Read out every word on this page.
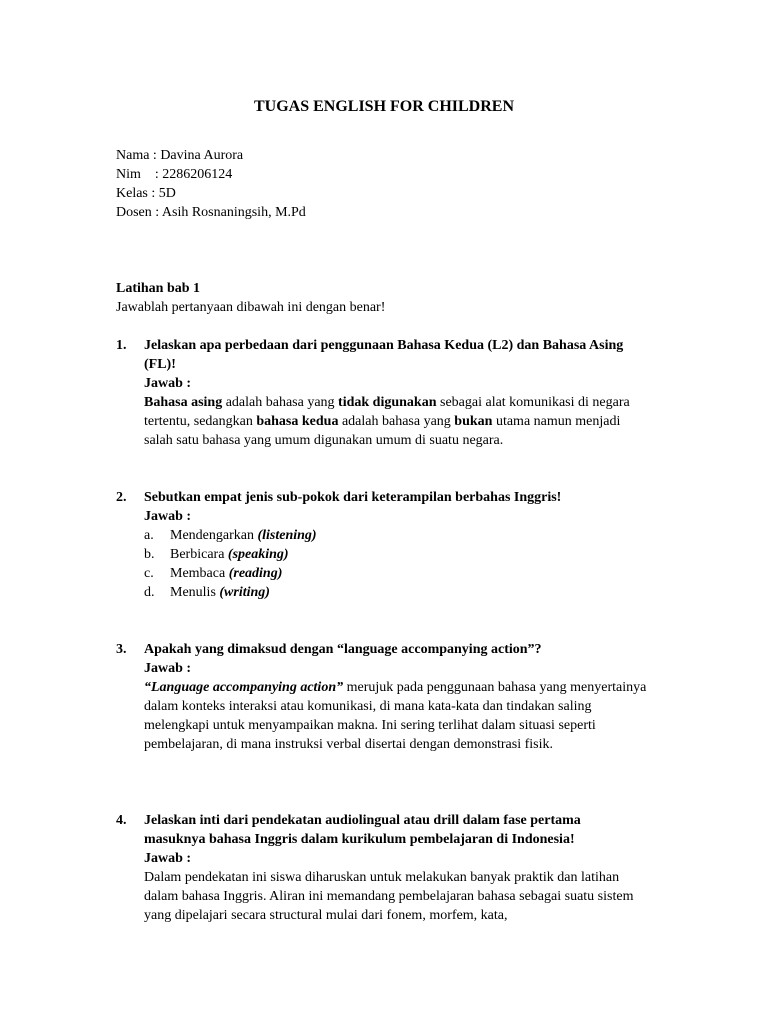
TUGAS ENGLISH FOR CHILDREN
Nama : Davina Aurora
Nim    : 2286206124
Kelas : 5D
Dosen : Asih Rosnaningsih, M.Pd
Latihan bab 1
Jawablah pertanyaan dibawah ini dengan benar!
1. Jelaskan apa perbedaan dari penggunaan Bahasa Kedua (L2) dan Bahasa Asing (FL)!
Jawab :
Bahasa asing adalah bahasa yang tidak digunakan sebagai alat komunikasi di negara tertentu, sedangkan bahasa kedua adalah bahasa yang bukan utama namun menjadi salah satu bahasa yang umum digunakan umum di suatu negara.
2. Sebutkan empat jenis sub-pokok dari keterampilan berbahas Inggris!
Jawab :
a. Mendengarkan (listening)
b. Berbicara (speaking)
c. Membaca (reading)
d. Menulis (writing)
3. Apakah yang dimaksud dengan “language accompanying action”?
Jawab :
“Language accompanying action” merujuk pada penggunaan bahasa yang menyertainya dalam konteks interaksi atau komunikasi, di mana kata-kata dan tindakan saling melengkapi untuk menyampaikan makna. Ini sering terlihat dalam situasi seperti pembelajaran, di mana instruksi verbal disertai dengan demonstrasi fisik.
4. Jelaskan inti dari pendekatan audiolingual atau drill dalam fase pertama masuknya bahasa Inggris dalam kurikulum pembelajaran di Indonesia!
Jawab :
Dalam pendekatan ini siswa diharuskan untuk melakukan banyak praktik dan latihan dalam bahasa Inggris. Aliran ini memandang pembelajaran bahasa sebagai suatu sistem yang dipelajari secara structural mulai dari fonem, morfem, kata,
